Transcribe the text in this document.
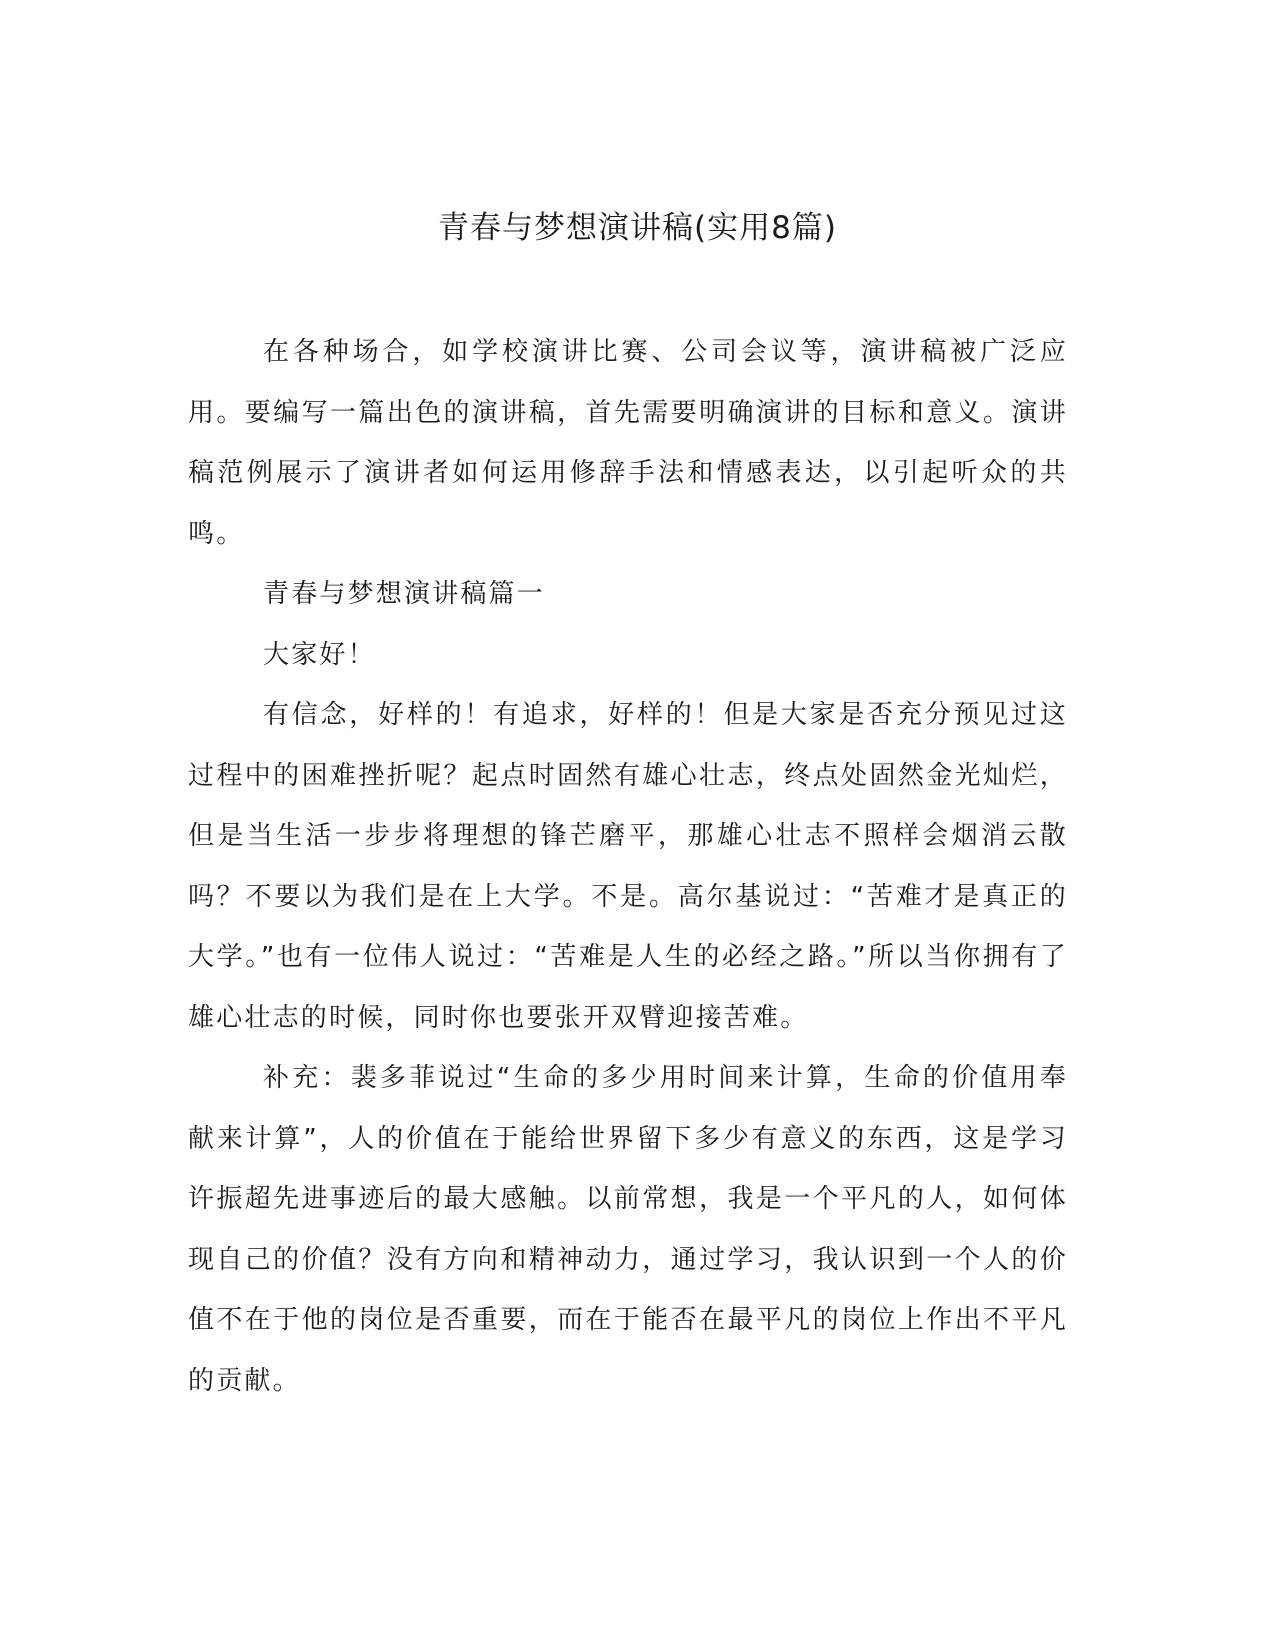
青春与梦想演讲稿(实用8篇)

在各种场合，如学校演讲比赛、公司会议等，演讲稿被广泛应用。要编写一篇出色的演讲稿，首先需要明确演讲的目标和意义。演讲稿范例展示了演讲者如何运用修辞手法和情感表达，以引起听众的共鸣。

青春与梦想演讲稿篇一

大家好！

有信念，好样的！有追求，好样的！但是大家是否充分预见过这过程中的困难挫折呢？起点时固然有雄心壮志，终点处固然金光灿烂，但是当生活一步步将理想的锋芒磨平，那雄心壮志不照样会烟消云散吗？不要以为我们是在上大学。不是。高尔基说过：“苦难才是真正的大学。”也有一位伟人说过：“苦难是人生的必经之路。”所以当你拥有了雄心壮志的时候，同时你也要张开双臂迎接苦难。

补充：裴多菲说过“生命的多少用时间来计算，生命的价值用奉献来计算”，人的价值在于能给世界留下多少有意义的东西，这是学习许振超先进事迹后的最大感触。以前常想，我是一个平凡的人，如何体现自己的价值？没有方向和精神动力，通过学习，我认识到一个人的价值不在于他的岗位是否重要，而在于能否在最平凡的岗位上作出不平凡的贡献。
